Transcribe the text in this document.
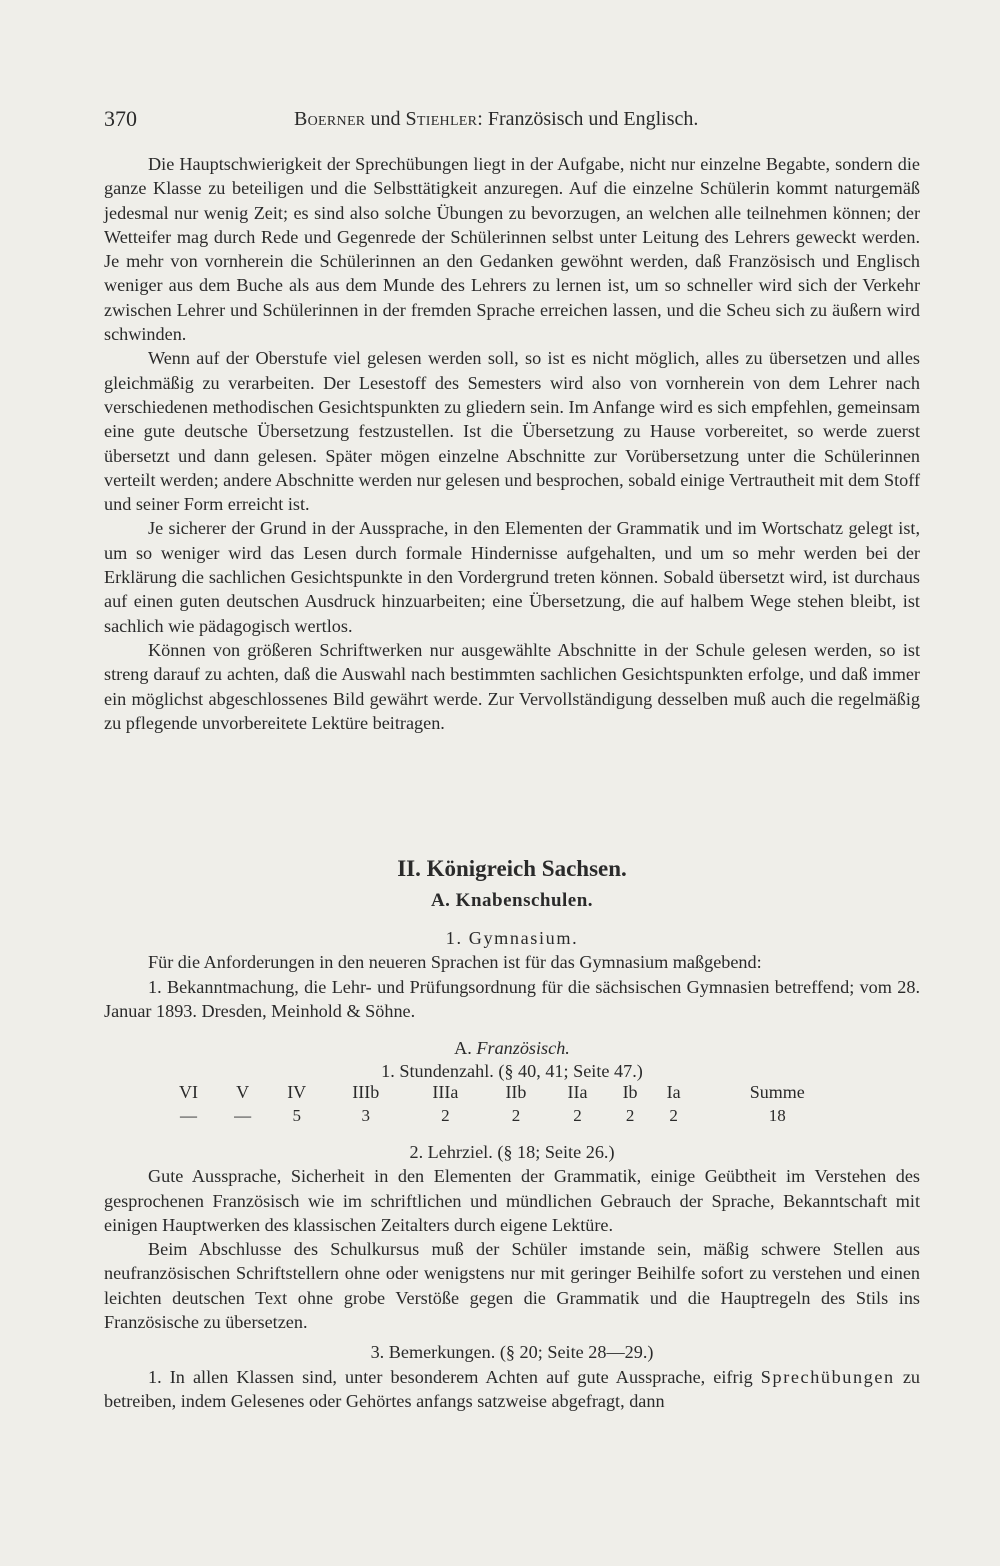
370	Boerner und Stiehler: Französisch und Englisch.

Die Hauptschwierigkeit der Sprechübungen liegt in der Aufgabe, nicht nur einzelne Begabte, sondern die ganze Klasse zu beteiligen und die Selbsttätigkeit anzuregen. Auf die einzelne Schülerin kommt naturgemäß jedesmal nur wenig Zeit; es sind also solche Übungen zu bevorzugen, an welchen alle teilnehmen können; der Wetteifer mag durch Rede und Gegenrede der Schülerinnen selbst unter Leitung des Lehrers geweckt werden. Je mehr von vornherein die Schülerinnen an den Gedanken gewöhnt werden, daß Französisch und Englisch weniger aus dem Buche als aus dem Munde des Lehrers zu lernen ist, um so schneller wird sich der Verkehr zwischen Lehrer und Schülerinnen in der fremden Sprache erreichen lassen, und die Scheu sich zu äußern wird schwinden.

Wenn auf der Oberstufe viel gelesen werden soll, so ist es nicht möglich, alles zu übersetzen und alles gleichmäßig zu verarbeiten. Der Lesestoff des Semesters wird also von vornherein von dem Lehrer nach verschiedenen methodischen Gesichtspunkten zu gliedern sein. Im Anfange wird es sich empfehlen, gemeinsam eine gute deutsche Übersetzung festzustellen. Ist die Übersetzung zu Hause vorbereitet, so werde zuerst übersetzt und dann gelesen. Später mögen einzelne Abschnitte zur Vorübersetzung unter die Schülerinnen verteilt werden; andere Abschnitte werden nur gelesen und besprochen, sobald einige Vertrautheit mit dem Stoff und seiner Form erreicht ist.

Je sicherer der Grund in der Aussprache, in den Elementen der Grammatik und im Wortschatz gelegt ist, um so weniger wird das Lesen durch formale Hindernisse aufgehalten, und um so mehr werden bei der Erklärung die sachlichen Gesichtspunkte in den Vordergrund treten können. Sobald übersetzt wird, ist durchaus auf einen guten deutschen Ausdruck hinzuarbeiten; eine Übersetzung, die auf halbem Wege stehen bleibt, ist sachlich wie pädagogisch wertlos.

Können von größeren Schriftwerken nur ausgewählte Abschnitte in der Schule gelesen werden, so ist streng darauf zu achten, daß die Auswahl nach bestimmten sachlichen Gesichtspunkten erfolge, und daß immer ein möglichst abgeschlossenes Bild gewährt werde. Zur Vervollständigung desselben muß auch die regelmäßig zu pflegende unvorbereitete Lektüre beitragen.

II. Königreich Sachsen.
A. Knabenschulen.

1. Gymnasium.

Für die Anforderungen in den neueren Sprachen ist für das Gymnasium maßgebend:

1. Bekanntmachung, die Lehr- und Prüfungsordnung für die sächsischen Gymnasien betreffend; vom 28. Januar 1893. Dresden, Meinhold & Söhne.

A. Französisch.
1. Stundenzahl. (§ 40, 41; Seite 47.)
VI	V	IV	IIIb	IIIa	IIb	IIa	Ib	Ia	Summe
—	—	5	3	2	2	2	2	2	18

2. Lehrziel. (§ 18; Seite 26.)

Gute Aussprache, Sicherheit in den Elementen der Grammatik, einige Geübtheit im Verstehen des gesprochenen Französisch wie im schriftlichen und mündlichen Gebrauch der Sprache, Bekanntschaft mit einigen Hauptwerken des klassischen Zeitalters durch eigene Lektüre.

Beim Abschlusse des Schulkursus muß der Schüler imstande sein, mäßig schwere Stellen aus neufranzösischen Schriftstellern ohne oder wenigstens nur mit geringer Beihilfe sofort zu verstehen und einen leichten deutschen Text ohne grobe Verstöße gegen die Grammatik und die Hauptregeln des Stils ins Französische zu übersetzen.

3. Bemerkungen. (§ 20; Seite 28—29.)

1. In allen Klassen sind, unter besonderem Achten auf gute Aussprache, eifrig Sprechübungen zu betreiben, indem Gelesenes oder Gehörtes anfangs satzweise abgefragt, dann
